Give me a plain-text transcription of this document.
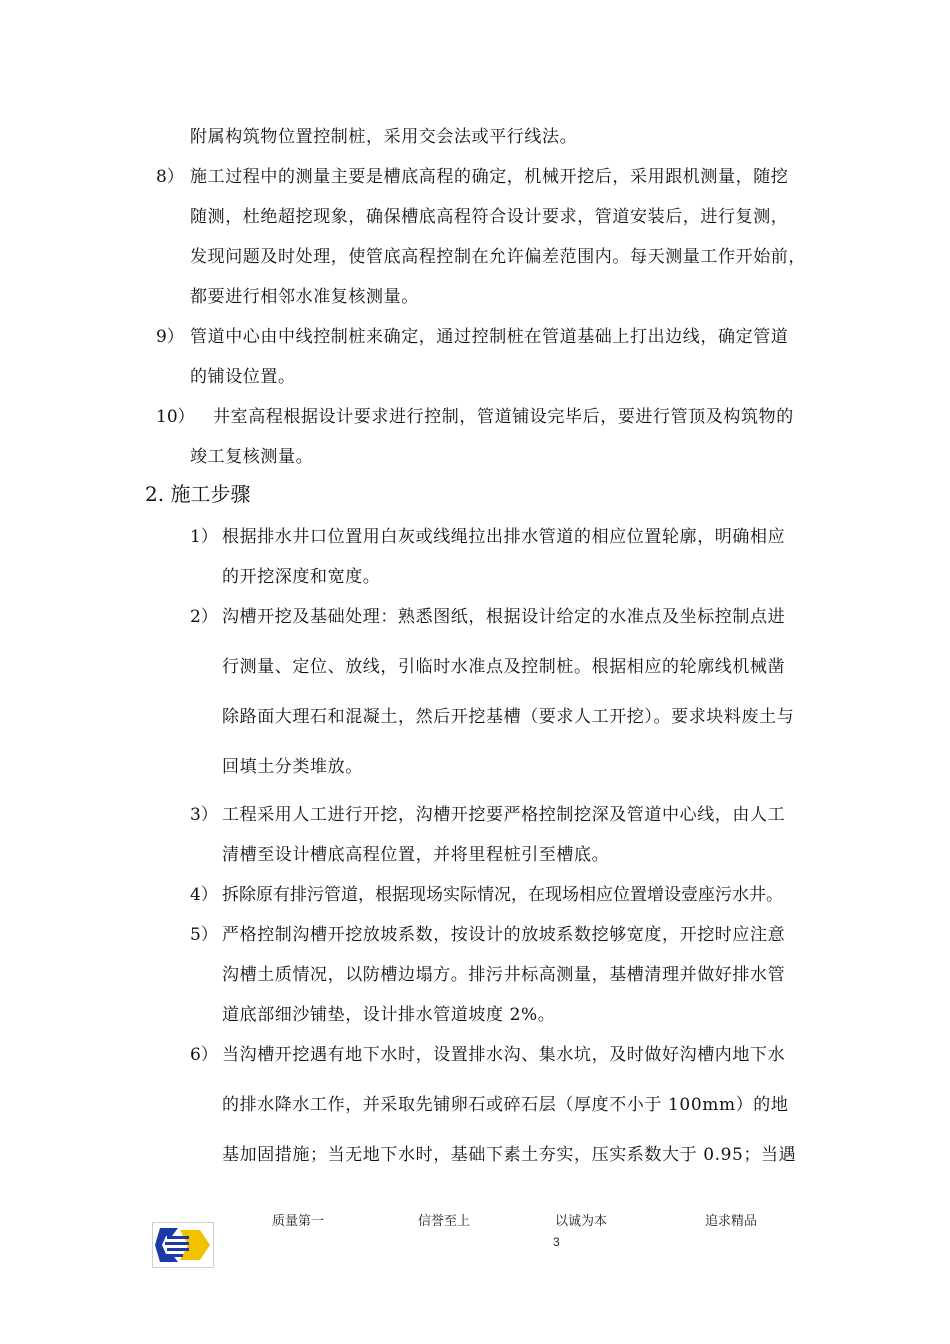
附属构筑物位置控制桩，采用交会法或平行线法。
8） 施工过程中的测量主要是槽底高程的确定，机械开挖后，采用跟机测量，随挖
随测，杜绝超挖现象，确保槽底高程符合设计要求，管道安装后，进行复测，
发现问题及时处理，使管底高程控制在允许偏差范围内。每天测量工作开始前，
都要进行相邻水准复核测量。
9） 管道中心由中线控制桩来确定，通过控制桩在管道基础上打出边线，确定管道
的铺设位置。
10） 井室高程根据设计要求进行控制，管道铺设完毕后，要进行管顶及构筑物的
竣工复核测量。
2. 施工步骤
1） 根据排水井口位置用白灰或线绳拉出排水管道的相应位置轮廓，明确相应
的开挖深度和宽度。
2） 沟槽开挖及基础处理：熟悉图纸，根据设计给定的水准点及坐标控制点进
行测量、定位、放线，引临时水准点及控制桩。根据相应的轮廓线机械凿
除路面大理石和混凝土，然后开挖基槽（要求人工开挖）。要求块料废土与
回填土分类堆放。
3） 工程采用人工进行开挖，沟槽开挖要严格控制挖深及管道中心线，由人工
清槽至设计槽底高程位置，并将里程桩引至槽底。
4） 拆除原有排污管道，根据现场实际情况，在现场相应位置增设壹座污水井。
5） 严格控制沟槽开挖放坡系数，按设计的放坡系数挖够宽度，开挖时应注意
沟槽土质情况，以防槽边塌方。排污井标高测量，基槽清理并做好排水管
道底部细沙铺垫，设计排水管道坡度 2%。
6） 当沟槽开挖遇有地下水时，设置排水沟、集水坑，及时做好沟槽内地下水
的排水降水工作，并采取先铺卵石或碎石层（厚度不小于 100mm）的地
基加固措施；当无地下水时，基础下素土夯实，压实系数大于 0.95；当遇
质量第一	信誉至上	以诚为本	追求精品
3
